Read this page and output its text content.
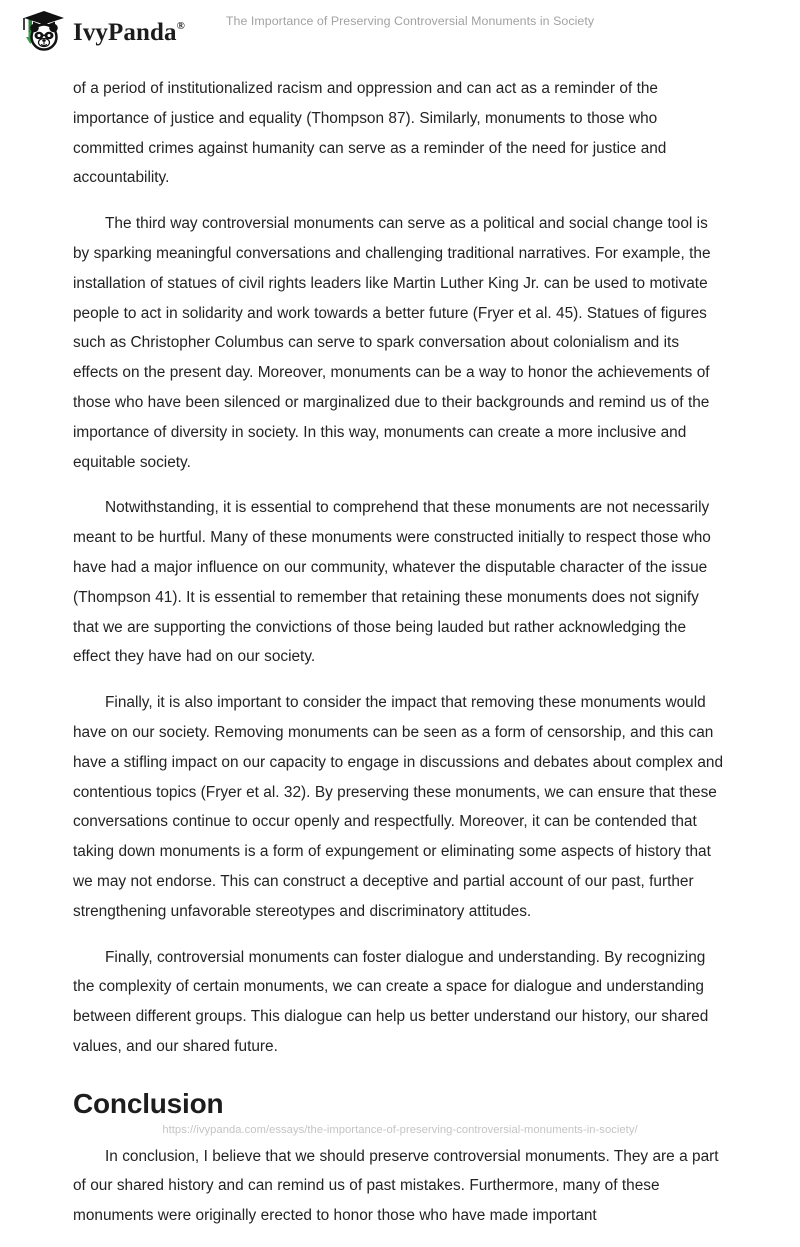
IvyPanda®	The Importance of Preserving Controversial Monuments in Society

of a period of institutionalized racism and oppression and can act as a reminder of the importance of justice and equality (Thompson 87). Similarly, monuments to those who committed crimes against humanity can serve as a reminder of the need for justice and accountability.

The third way controversial monuments can serve as a political and social change tool is by sparking meaningful conversations and challenging traditional narratives. For example, the installation of statues of civil rights leaders like Martin Luther King Jr. can be used to motivate people to act in solidarity and work towards a better future (Fryer et al. 45). Statues of figures such as Christopher Columbus can serve to spark conversation about colonialism and its effects on the present day. Moreover, monuments can be a way to honor the achievements of those who have been silenced or marginalized due to their backgrounds and remind us of the importance of diversity in society. In this way, monuments can create a more inclusive and equitable society.

Notwithstanding, it is essential to comprehend that these monuments are not necessarily meant to be hurtful. Many of these monuments were constructed initially to respect those who have had a major influence on our community, whatever the disputable character of the issue (Thompson 41). It is essential to remember that retaining these monuments does not signify that we are supporting the convictions of those being lauded but rather acknowledging the effect they have had on our society.

Finally, it is also important to consider the impact that removing these monuments would have on our society. Removing monuments can be seen as a form of censorship, and this can have a stifling impact on our capacity to engage in discussions and debates about complex and contentious topics (Fryer et al. 32). By preserving these monuments, we can ensure that these conversations continue to occur openly and respectfully. Moreover, it can be contended that taking down monuments is a form of expungement or eliminating some aspects of history that we may not endorse. This can construct a deceptive and partial account of our past, further strengthening unfavorable stereotypes and discriminatory attitudes.

Finally, controversial monuments can foster dialogue and understanding. By recognizing the complexity of certain monuments, we can create a space for dialogue and understanding between different groups. This dialogue can help us better understand our history, our shared values, and our shared future.

Conclusion

In conclusion, I believe that we should preserve controversial monuments. They are a part of our shared history and can remind us of past mistakes. Furthermore, many of these monuments were originally erected to honor those who have made important

https://ivypanda.com/essays/the-importance-of-preserving-controversial-monuments-in-society/
